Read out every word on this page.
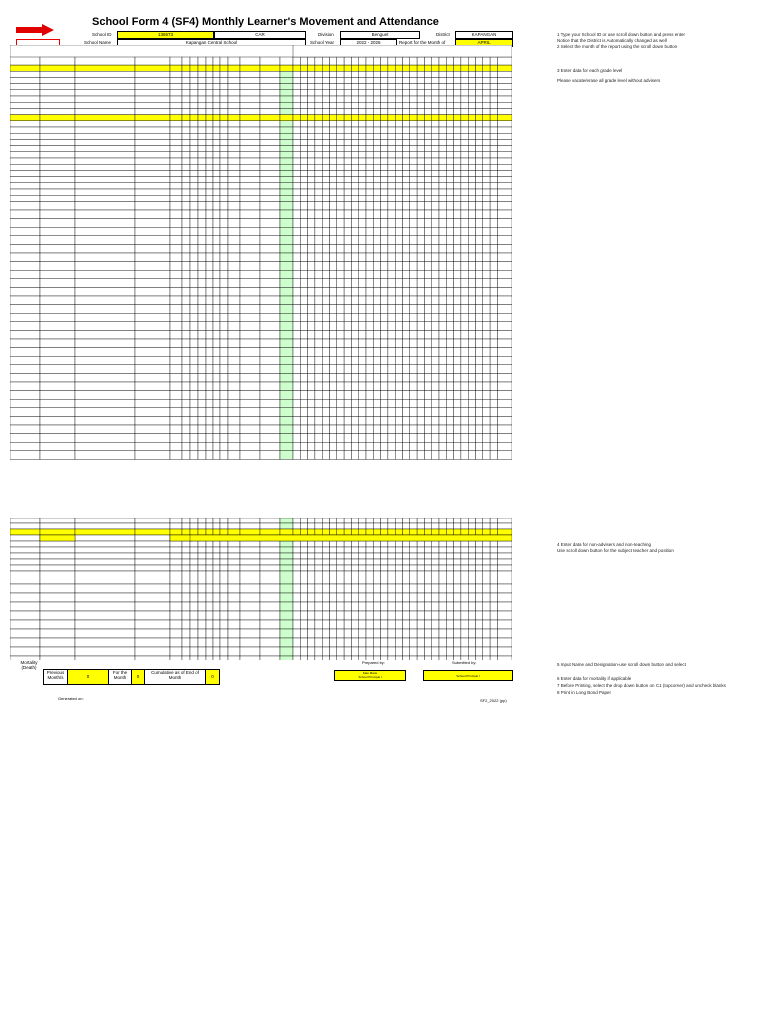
School Form 4 (SF4) Monthly Learner's Movement and Attendance
School ID	136573	CAR	Division	Benguet	District	KAPANGAN
School Name	Kapangan Central School	School Year	2022 - 2026	Report for the Month of	APRIL
1 Type your School ID or use scroll down button and press enter
Notice that the District is Automatically changed as well
2 Select the month of the report using the scroll down button
3 Enter data for each grade level
Please vacate/erase all grade level without advisers
4 Enter data for non-advisers and non-teaching
Use scroll down button for the subject teacher and position
5 Input Name and Designation-use scroll down button and select
6 Enter data for mortality if applicable
7 Before Printing, select the drop down button on C1 (topcorner) and uncheck blanks
8 Print in Long Bond Paper
Mortality (Death)
Previous Month/s	0
For the Month	0
Cumulative as of End of Month	0
Prepared by:	Submitted by:
Kate Marie
School Principal I	School Principal I
Generated on:	SF2_2022 (pp)
